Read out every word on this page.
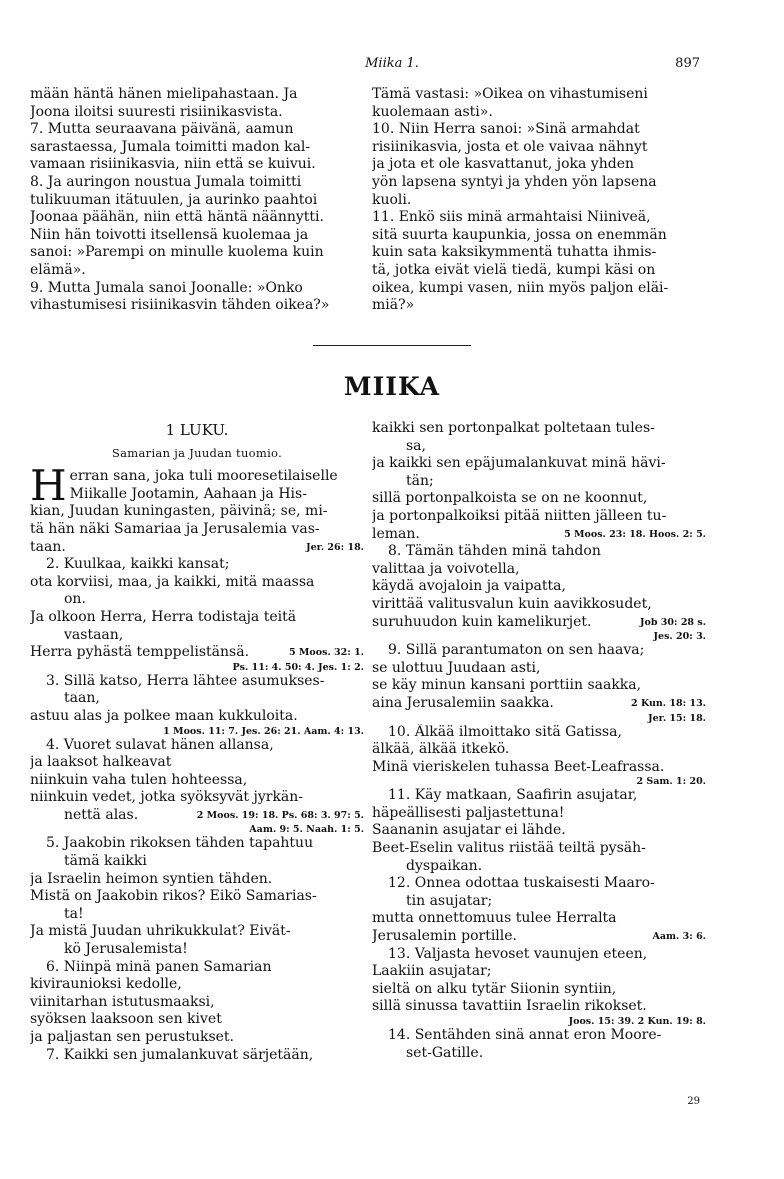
Miika 1.	897
mään häntä hänen mielipahastaan. Ja
Joona iloitsi suuresti risiinikasvista.
7. Mutta seuraavana päivänä, aamun
sarastaessa, Jumala toimitti madon kal-
vamaan risiinikasvia, niin että se kuivui.
8. Ja auringon noustua Jumala toimitti
tulikuuman itätuulen, ja aurinko paahtoi
Joonaa päähän, niin että häntä näännytti.
Niin hän toivotti itsellensä kuolemaa ja
sanoi: »Parempi on minulle kuolema kuin
elämä».
9. Mutta Jumala sanoi Joonalle: »Onko
vihastumisesi risiinikasvin tähden oikea?»
Tämä vastasi: »Oikea on vihastumiseni
kuolemaan asti».
10. Niin Herra sanoi: »Sinä armahdat
risiinikasvia, josta et ole vaivaa nähnyt
ja jota et ole kasvattanut, joka yhden
yön lapsena syntyi ja yhden yön lapsena
kuoli.
11. Enkö siis minä armahtaisi Niiniveä,
sitä suurta kaupunkia, jossa on enemmän
kuin sata kaksikymmentä tuhatta ihmis-
tä, jotka eivät vielä tiedä, kumpi käsi on
oikea, kumpi vasen, niin myös paljon eläi-
miä?»
MIIKA
1 LUKU.
Samarian ja Juudan tuomio.
H erran sana, joka tuli mooresetilaiselle
Miikalle Jootamin, Aahaan ja His-
kian, Juudan kuningasten, päivinä; se, mi-
tä hän näki Samariaa ja Jerusalemia vas-
taan.	Jer. 26: 18.
2. Kuulkaa, kaikki kansat;
ota korviisi, maa, ja kaikki, mitä maassa
on.
Ja olkoon Herra, Herra todistaja teitä
vastaan,
Herra pyhästä temppelistänsä.	5 Moos. 32: 1.
Ps. 11: 4. 50: 4. Jes. 1: 2.
3. Sillä katso, Herra lähtee asumukses-
taan,
astuu alas ja polkee maan kukkuloita.
1 Moos. 11: 7. Jes. 26: 21. Aam. 4: 13.
4. Vuoret sulavat hänen allansa,
ja laaksot halkeavat
niinkuin vaha tulen hohteessa,
niinkuin vedet, jotka syöksyvät jyrkän-
nettä alas.	2 Moos. 19: 18. Ps. 68: 3. 97: 5.
Aam. 9: 5. Naah. 1: 5.
5. Jaakobin rikoksen tähden tapahtuu
tämä kaikki
ja Israelin heimon syntien tähden.
Mistä on Jaakobin rikos? Eikö Samarias-
ta!
Ja mistä Juudan uhrikukkulat? Eivät-
kö Jerusalemista!
6. Niinpä minä panen Samarian
kiviraunioksi kedolle,
viinitarhan istutusmaaksi,
syöksen laaksoon sen kivet
ja paljastan sen perustukset.
7. Kaikki sen jumalankuvat särjetään,
kaikki sen portonpalkat poltetaan tules-
sa,
ja kaikki sen epäjumalankuvat minä hävi-
tän;
sillä portonpalkoista se on ne koonnut,
ja portonpalkoiksi pitää niitten jälleen tu-
leman.	5 Moos. 23: 18. Hoos. 2: 5.
8. Tämän tähden minä tahdon
valittaa ja voivotella,
käydä avojaloin ja vaipatta,
virittää valitusvalun kuin aavikkosudet,
suruhuudon kuin kamelikurjet.	Job 30: 28 s.
Jes. 20: 3.
9. Sillä parantumaton on sen haava;
se ulottuu Juudaan asti,
se käy minun kansani porttiin saakka,
aina Jerusalemiin saakka.	2 Kun. 18: 13.
Jer. 15: 18.
10. Älkää ilmoittako sitä Gatissa,
älkää, älkää itkekö.
Minä vieriskelen tuhassa Beet-Leafrassa.
2 Sam. 1: 20.
11. Käy matkaan, Saafirin asujatar,
häpeällisesti paljastettuna!
Saananin asujatar ei lähde.
Beet-Eselin valitus riistää teiltä pysäh-
dyspaikan.
12. Onnea odottaa tuskaisesti Maaro-
tin asujatar;
mutta onnettomuus tulee Herralta
Jerusalemin portille.	Aam. 3: 6.
13. Valjasta hevoset vaunujen eteen,
Laakiin asujatar;
sieltä on alku tytär Siionin syntiin,
sillä sinussa tavattiin Israelin rikokset.
Joos. 15: 39. 2 Kun. 19: 8.
14. Sentähden sinä annat eron Moore-
set-Gatille.
29
